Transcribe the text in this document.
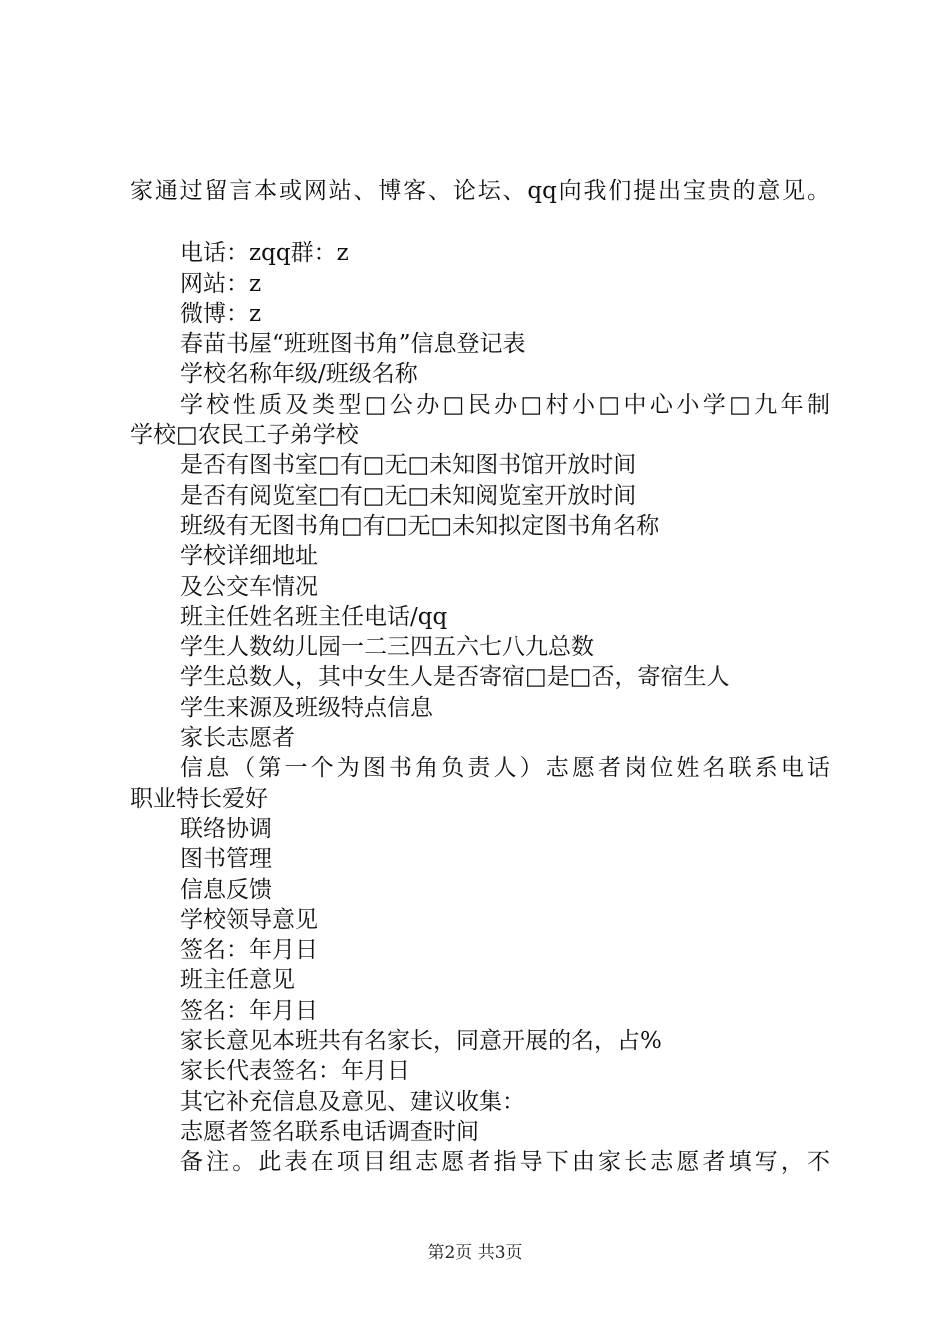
家通过留言本或网站、博客、论坛、qq向我们提出宝贵的意见。

电话：zqq群：z

网站：z

微博：z

春苗书屋“班班图书角”信息登记表

学校名称年级/班级名称

学校性质及类型□公办□民办□村小□中心小学□九年制

学校□农民工子弟学校

是否有图书室□有□无□未知图书馆开放时间

是否有阅览室□有□无□未知阅览室开放时间

班级有无图书角□有□无□未知拟定图书角名称

学校详细地址

及公交车情况

班主任姓名班主任电话/qq

学生人数幼儿园一二三四五六七八九总数

学生总数人，其中女生人是否寄宿□是□否，寄宿生人

学生来源及班级特点信息

家长志愿者

信息（第一个为图书角负责人）志愿者岗位姓名联系电话

职业特长爱好

联络协调

图书管理

信息反馈

学校领导意见

签名：年月日

班主任意见

签名：年月日

家长意见本班共有名家长，同意开展的名，占%

家长代表签名：年月日

其它补充信息及意见、建议收集：

志愿者签名联系电话调查时间

备注。此表在项目组志愿者指导下由家长志愿者填写，不

第2页 共3页
